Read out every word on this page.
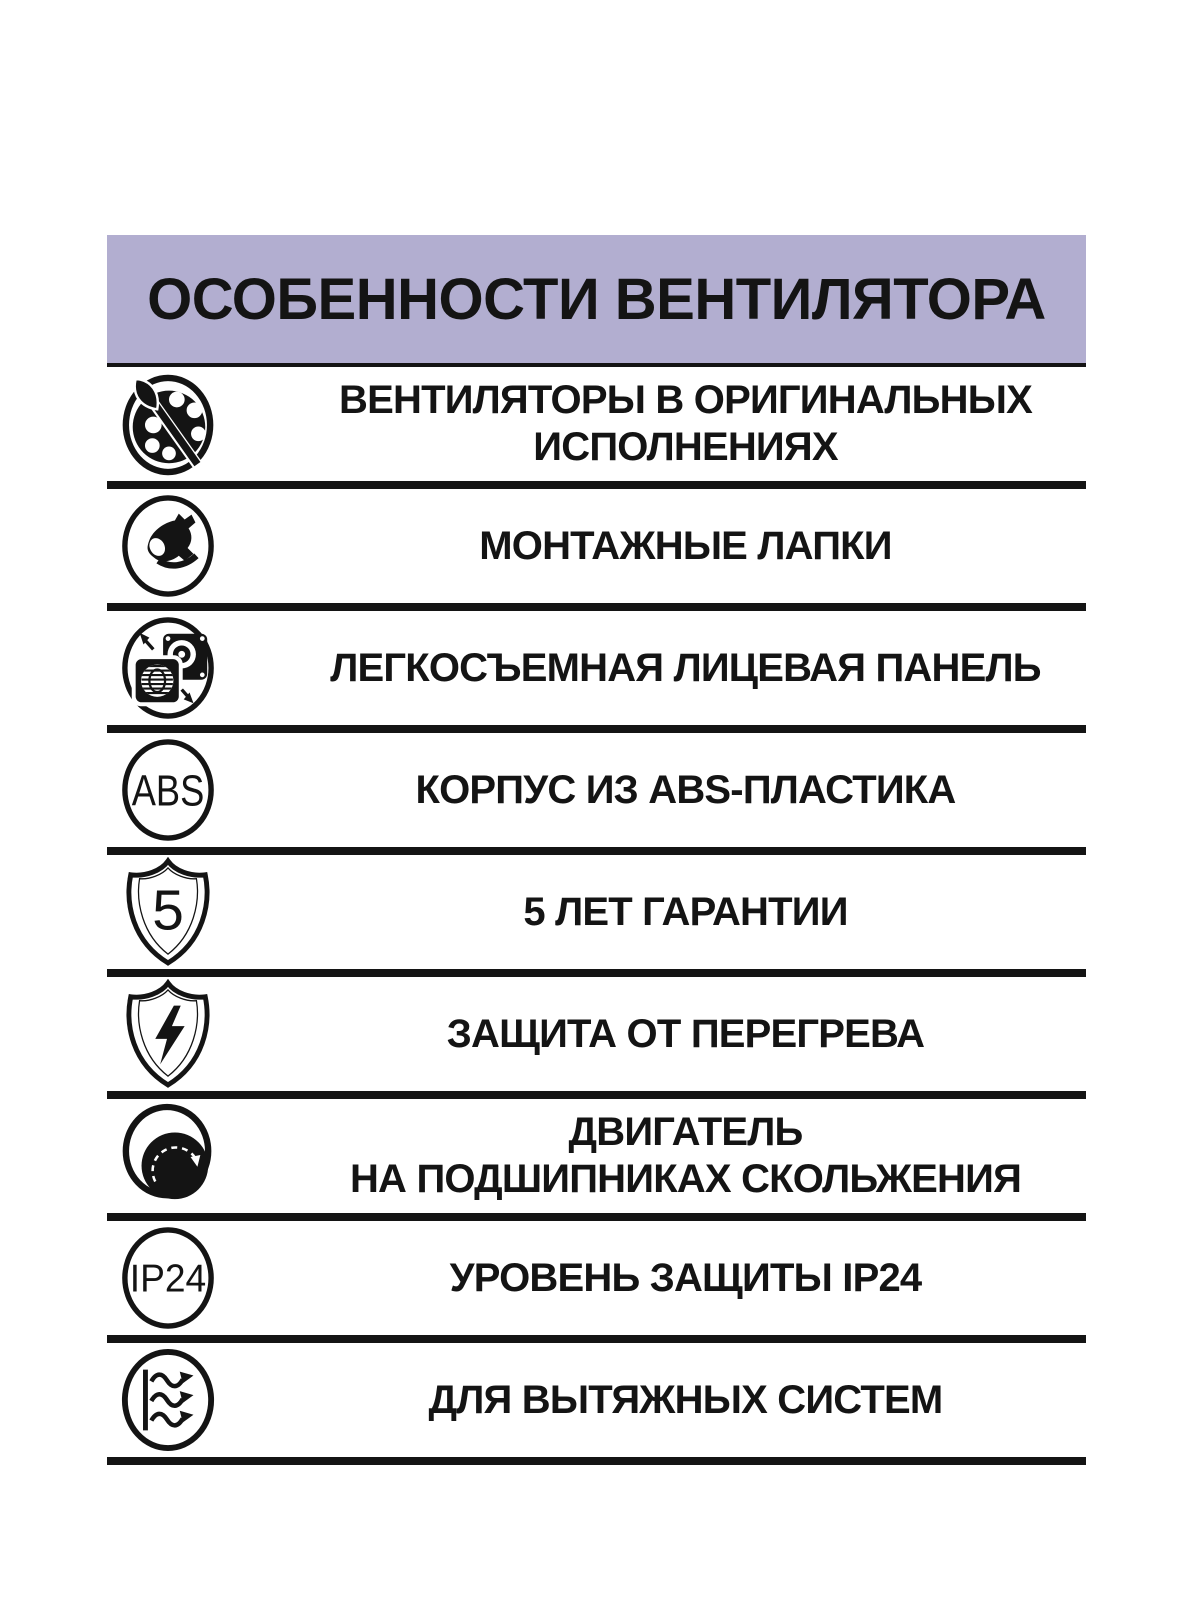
ОСОБЕННОСТИ ВЕНТИЛЯТОРА
ВЕНТИЛЯТОРЫ В ОРИГИНАЛЬНЫХ
ИСПОЛНЕНИЯХ
МОНТАЖНЫЕ ЛАПКИ
ЛЕГКОСЪЕМНАЯ ЛИЦЕВАЯ ПАНЕЛЬ
ABS	КОРПУС ИЗ ABS-ПЛАСТИКА
5	5 ЛЕТ ГАРАНТИИ
ЗАЩИТА ОТ ПЕРЕГРЕВА
ДВИГАТЕЛЬ
НА ПОДШИПНИКАХ СКОЛЬЖЕНИЯ
IP24	УРОВЕНЬ ЗАЩИТЫ IP24
ДЛЯ ВЫТЯЖНЫХ СИСТЕМ
